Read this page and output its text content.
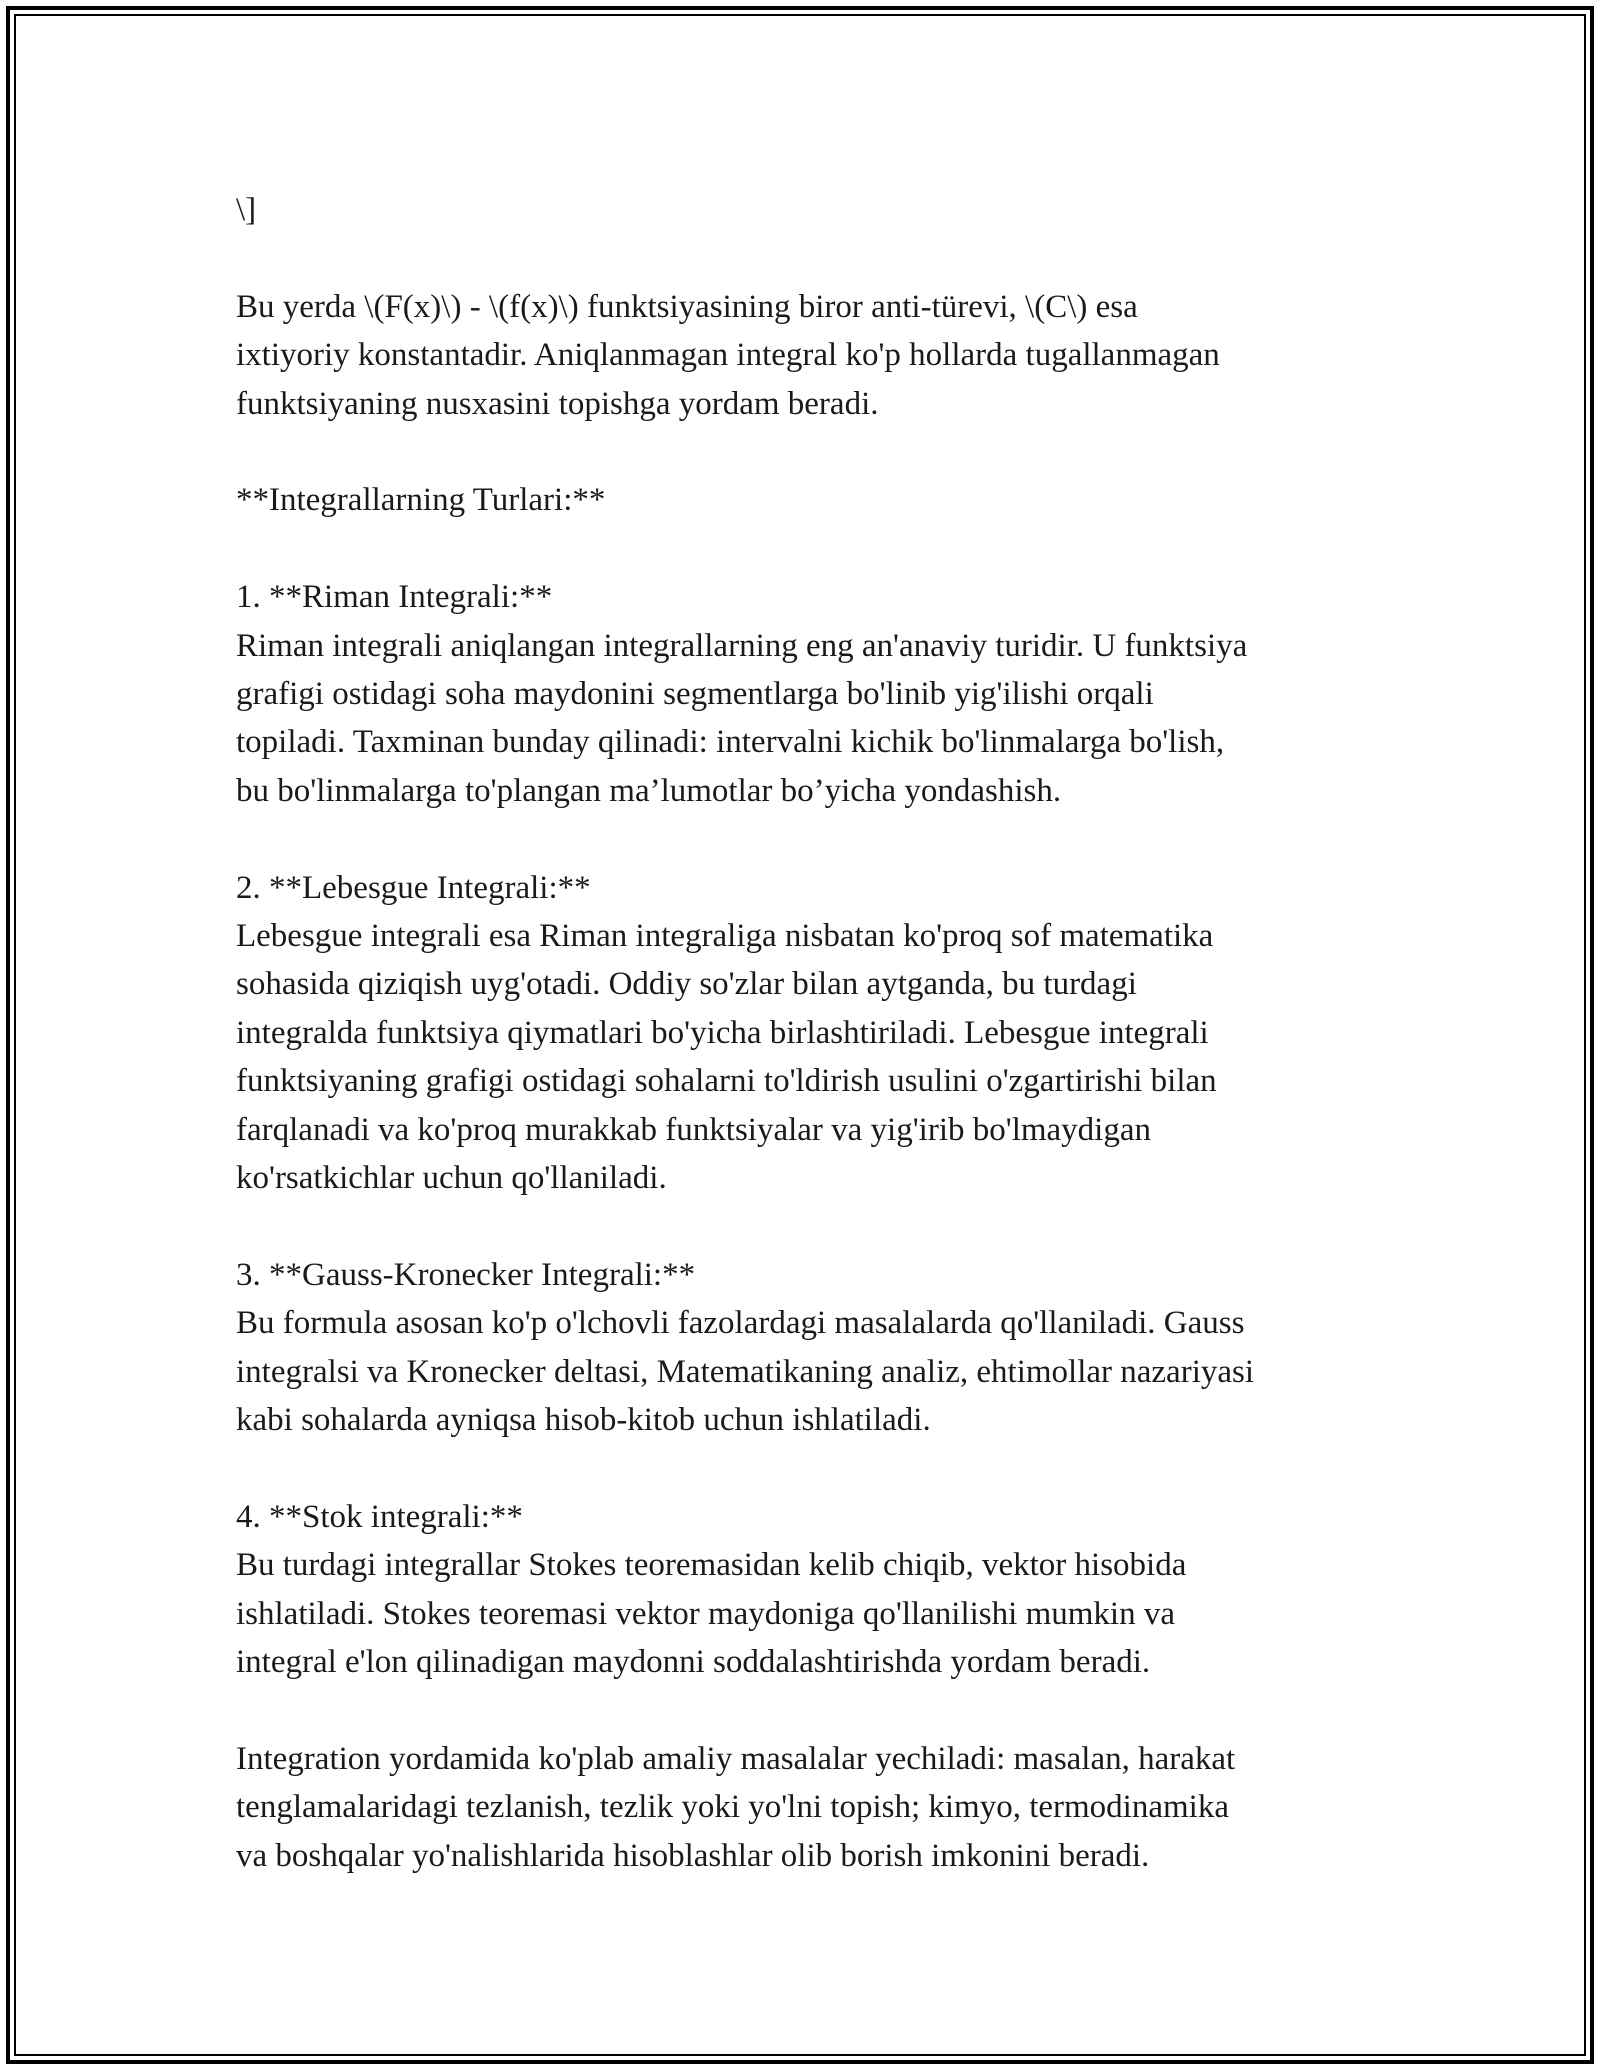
\]

Bu yerda \(F(x)\) - \(f(x)\) funktsiyasining biror anti-türevi, \(C\) esa
ixtiyoriy konstantadir. Aniqlanmagan integral ko'p hollarda tugallanmagan
funktsiyaning nusxasini topishga yordam beradi.

**Integrallarning Turlari:**

1. **Riman Integrali:**
Riman integrali aniqlangan integrallarning eng an'anaviy turidir. U funktsiya
grafigi ostidagi soha maydonini segmentlarga bo'linib yig'ilishi orqali
topiladi. Taxminan bunday qilinadi: intervalni kichik bo'linmalarga bo'lish,
bu bo'linmalarga to'plangan ma’lumotlar bo’yicha yondashish.

2. **Lebesgue Integrali:**
Lebesgue integrali esa Riman integraliga nisbatan ko'proq sof matematika
sohasida qiziqish uyg'otadi. Oddiy so'zlar bilan aytganda, bu turdagi
integralda funktsiya qiymatlari bo'yicha birlashtiriladi. Lebesgue integrali
funktsiyaning grafigi ostidagi sohalarni to'ldirish usulini o'zgartirishi bilan
farqlanadi va ko'proq murakkab funktsiyalar va yig'irib bo'lmaydigan
ko'rsatkichlar uchun qo'llaniladi.

3. **Gauss-Kronecker Integrali:**
Bu formula asosan ko'p o'lchovli fazolardagi masalalarda qo'llaniladi. Gauss
integralsi va Kronecker deltasi, Matematikaning analiz, ehtimollar nazariyasi
kabi sohalarda ayniqsa hisob-kitob uchun ishlatiladi.

4. **Stok integrali:**
Bu turdagi integrallar Stokes teoremasidan kelib chiqib, vektor hisobida
ishlatiladi. Stokes teoremasi vektor maydoniga qo'llanilishi mumkin va
integral e'lon qilinadigan maydonni soddalashtirishda yordam beradi.

Integration yordamida ko'plab amaliy masalalar yechiladi: masalan, harakat
tenglamalaridagi tezlanish, tezlik yoki yo'lni topish; kimyo, termodinamika
va boshqalar yo'nalishlarida hisoblashlar olib borish imkonini beradi.
